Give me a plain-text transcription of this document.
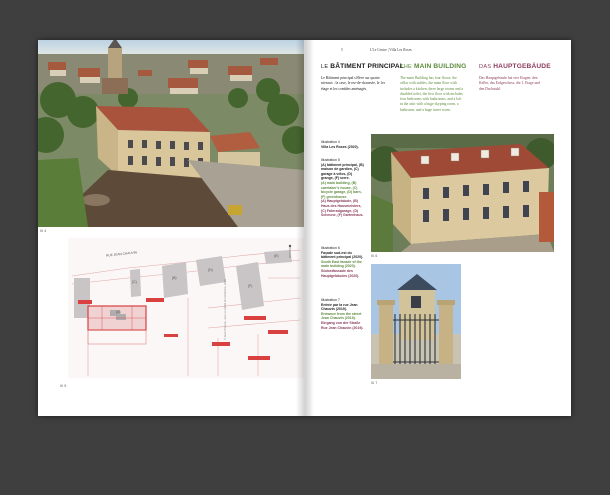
Ill. 4
RUE JEAN CHAUVIN
(A)
(B)
(C)
(D)
(E)
(F)
© Jean Trichonn, avec un additif de l'architecte, 2020
Ill. 5
5	L'Le Centre | Villa Les Roses
LE BÂTIMENT PRINCIPAL
THE MAIN BUILDING DAS HAUPTGEBÄUDE
Le Bâtiment principal s'élève sur quatre niveaux : la cave, le rez-de-chaussée, le 1er étage et les combles aménagés.
The main Building has four floors: the cellar with stables, the main floor with includes a kitchen, three large rooms and a disabled toilet, the first floor with includes four bedrooms with bathrooms, and a loft in the attic with a huge skyping room, a bathroom, and a huge turret room.
Das Hauptgebäude hat vier Etagen: den Keller, das Erdgeschoss, die 1. Etage und den Dachstuhl.
Illustration 4
Villa Les Roses (2020).
Illustration 5
(A) bâtiment principal, (B) maison de gardien, (C) garage à vélos, (D) grange, (F) serre.
(A) main building, (B) caretaker's house, (C) bicycle garage, (D) barn, (F) greenhouse.
(A) Hauptgebäude, (B) Haus des Hausmeisters, (C) Fahrradgarage, (D) Scheune, (F) Gartenhaus.
Illustration 6
Façade sud-est du bâtiment principal (2020).
South East facade of the main building (2020).
Südostfassade des Hauptgebäudes (2020).
Illustration 7
Entrée par la rue Jean Chauvin (2019).
Entrance from the street Jean Chauvin (2019).
Eingang von der Straße Rue Jean Chauvin (2019).
Ill. 6
Ill. 7
